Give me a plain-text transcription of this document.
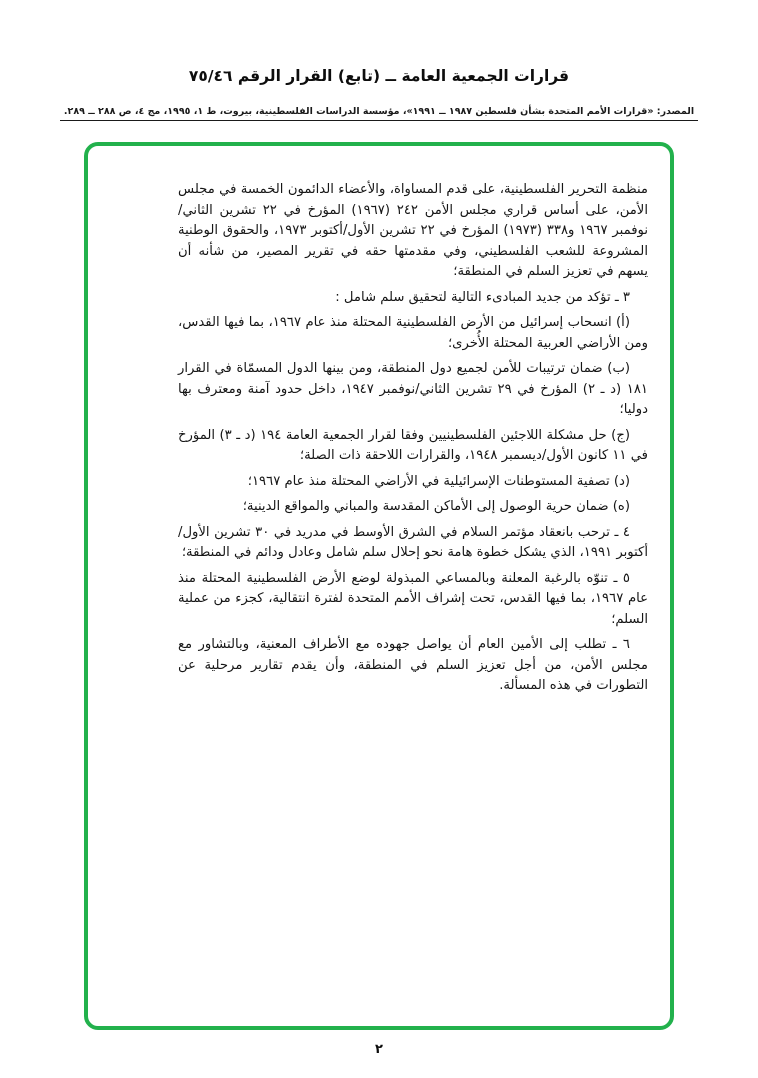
قرارات الجمعية العامة ــ (تابع) القرار الرقم ٧٥/٤٦
المصدر: «قرارات الأمم المتحدة بشأن فلسطين ١٩٨٧ ــ ١٩٩١»، مؤسسة الدراسات الفلسطينية، بيروت، ط ١، ١٩٩٥، مج ٤، ص ٢٨٨ ــ ٢٨٩.

منظمة التحرير الفلسطينية، على قدم المساواة، والأعضاء الدائمون الخمسة في مجلس الأمن، على أساس قراري مجلس الأمن ٢٤٢ (١٩٦٧) المؤرخ في ٢٢ تشرين الثاني/نوفمبر ١٩٦٧ و٣٣٨ (١٩٧٣) المؤرخ في ٢٢ تشرين الأول/أكتوبر ١٩٧٣، والحقوق الوطنية المشروعة للشعب الفلسطيني، وفي مقدمتها حقه في تقرير المصير، من شأنه أن يسهم في تعزيز السلم في المنطقة؛

٣ ـ تؤكد من جديد المبادىء التالية لتحقيق سلم شامل :

(أ) انسحاب إسرائيل من الأرض الفلسطينية المحتلة منذ عام ١٩٦٧، بما فيها القدس، ومن الأراضي العربية المحتلة الأُخرى؛

(ب) ضمان ترتيبات للأمن لجميع دول المنطقة، ومن بينها الدول المسمّاة في القرار ١٨١ (د ـ ٢) المؤرخ في ٢٩ تشرين الثاني/نوفمبر ١٩٤٧، داخل حدود آمنة ومعترف بها دوليا؛

(ج) حل مشكلة اللاجئين الفلسطينيين وفقا لقرار الجمعية العامة ١٩٤ (د ـ ٣) المؤرخ في ١١ كانون الأول/ديسمبر ١٩٤٨، والقرارات اللاحقة ذات الصلة؛

(د) تصفية المستوطنات الإسرائيلية في الأراضي المحتلة منذ عام ١٩٦٧؛

(ه) ضمان حرية الوصول إلى الأماكن المقدسة والمباني والمواقع الدينية؛

٤ ـ ترحب بانعقاد مؤتمر السلام في الشرق الأوسط في مدريد في ٣٠ تشرين الأول/أكتوبر ١٩٩١، الذي يشكل خطوة هامة نحو إحلال سلم شامل وعادل ودائم في المنطقة؛

٥ ـ تنوّه بالرغبة المعلنة وبالمساعي المبذولة لوضع الأرض الفلسطينية المحتلة منذ عام ١٩٦٧، بما فيها القدس، تحت إشراف الأمم المتحدة لفترة انتقالية، كجزء من عملية السلم؛

٦ ـ تطلب إلى الأمين العام أن يواصل جهوده مع الأطراف المعنية، وبالتشاور مع مجلس الأمن، من أجل تعزيز السلم في المنطقة، وأن يقدم تقارير مرحلية عن التطورات في هذه المسألة.

٢
